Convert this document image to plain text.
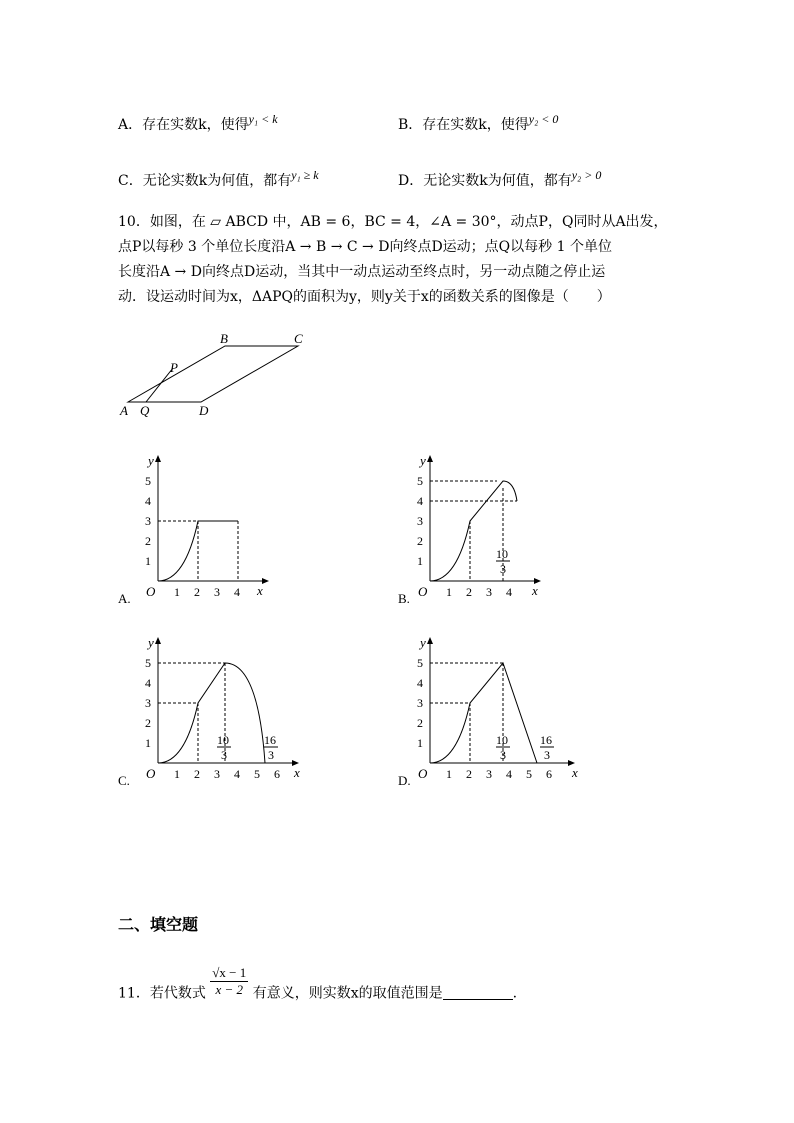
A．存在实数k，使得y₁ < k	B．存在实数k，使得y₂ < 0
C．无论实数k为何值，都有y₁ ≥ k	D．无论实数k为何值，都有y₂ > 0
10．如图，在 ▱ ABCD 中，AB = 6，BC = 4，∠A = 30°，动点P，Q同时从A出发，
点P以每秒 3 个单位长度沿A → B → C → D向终点D运动；点Q以每秒 1 个单位
长度沿A → D向终点D运动，当其中一动点运动至终点时，另一动点随之停止运
动．设运动时间为x，ΔAPQ的面积为y，则y关于x的函数关系的图像是（　　）
A Q	D
B	C
P
x
y
O
1
2
3
4
5
1 2 3 4
A.
x
y
O
1
2
3
4
5
1 2 3 4
10
3
B.
x
y
O
1
2
3
4
5
1 2 3 4 5 6
10
3
16
3
C.
x
y
O
1
2
3
4
5
1 2 3 4 5 6
10
3
16
3
D.
二、填空题
11．若代数式 $\frac{√x - 1}{x - 2}$ 有意义，则实数x的取值范围是	.
